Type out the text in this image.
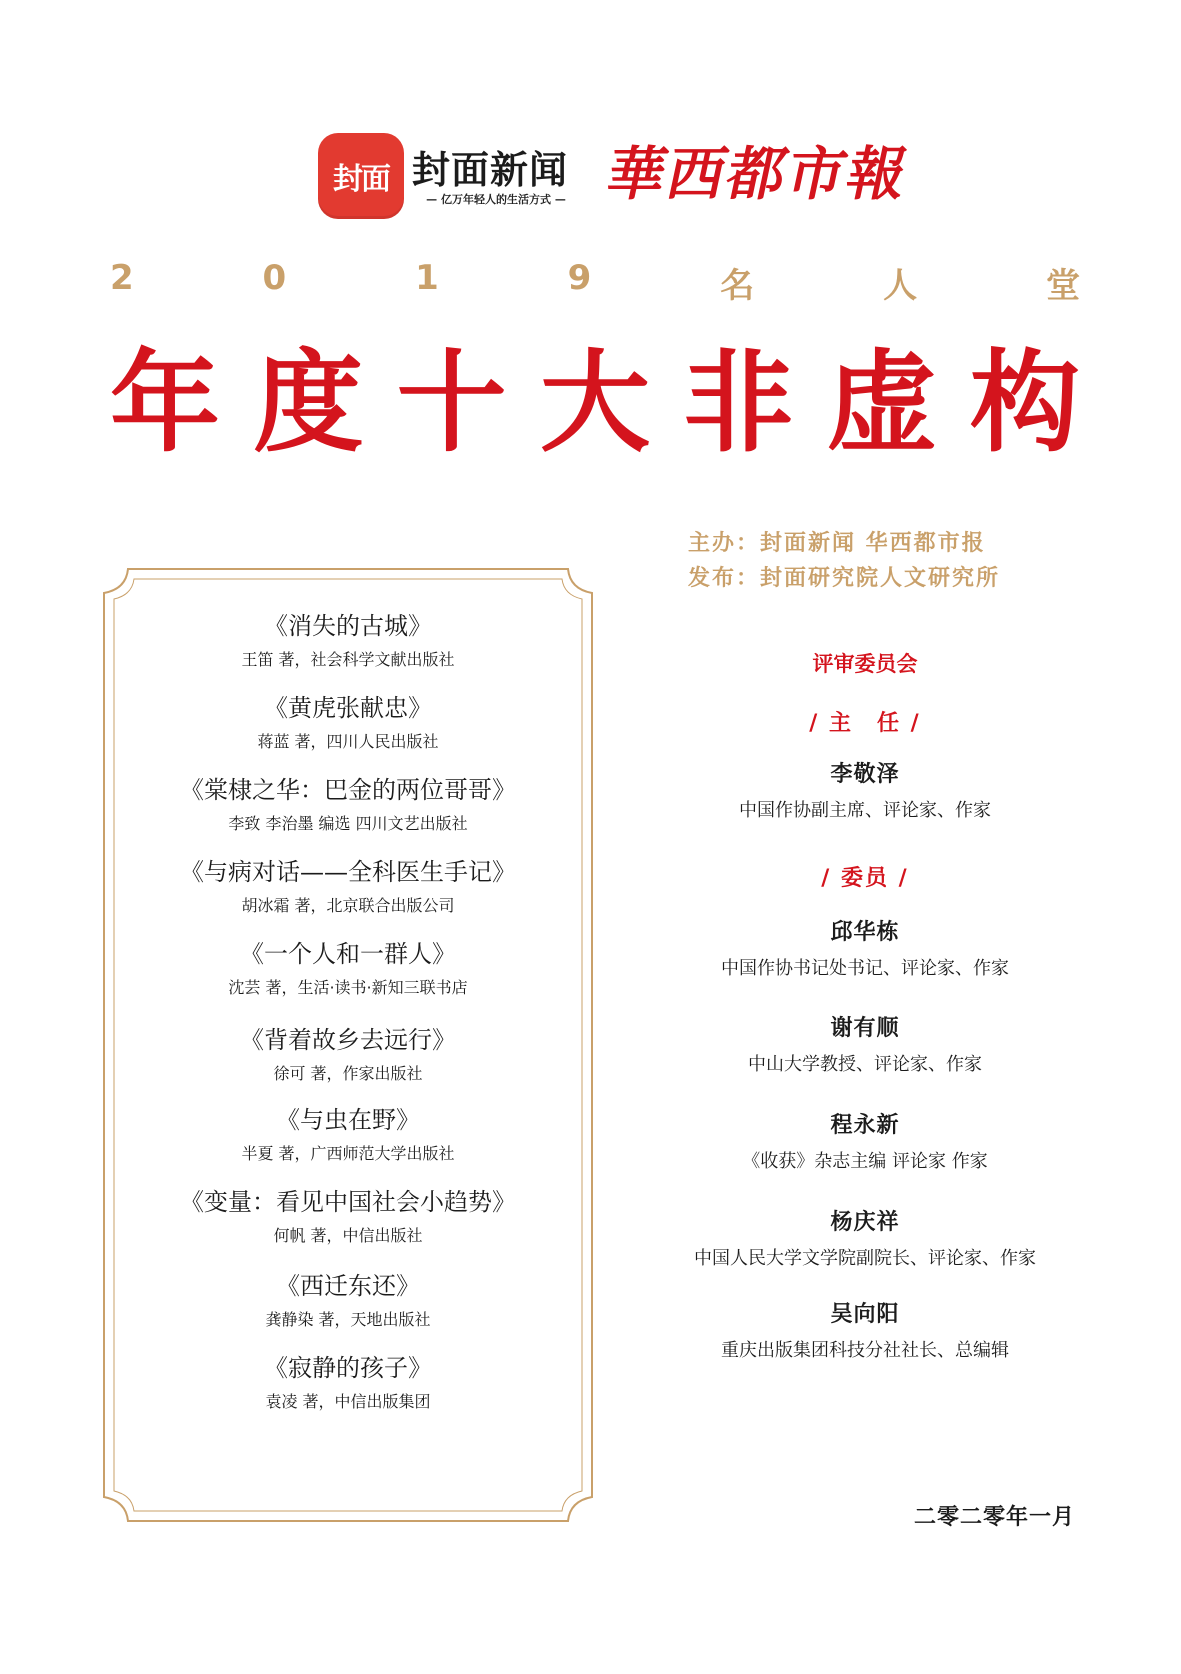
封面 封面新闻
— 亿万年轻人的生活方式 — 華西都市報
2	0	1	9	名	人	堂
年 度 十 大 非 虚 构
《消失的古城》
王笛 著，社会科学文献出版社
《黄虎张献忠》
蒋蓝 著，四川人民出版社
《棠棣之华：巴金的两位哥哥》
李致 李治墨 编选 四川文艺出版社
《与病对话——全科医生手记》
胡冰霜 著，北京联合出版公司
《一个人和一群人》
沈芸 著，生活·读书·新知三联书店
《背着故乡去远行》
徐可 著，作家出版社
《与虫在野》
半夏 著，广西师范大学出版社
《变量：看见中国社会小趋势》
何帆 著，中信出版社
《西迁东还》
龚静染 著，天地出版社
《寂静的孩子》
袁凌 著，中信出版集团
主办：封面新闻 华西都市报
发布：封面研究院人文研究所
评审委员会
/ 主　任 /
李敬泽
中国作协副主席、评论家、作家
/ 委员 /
邱华栋
中国作协书记处书记、评论家、作家
谢有顺
中山大学教授、评论家、作家
程永新
《收获》杂志主编 评论家 作家
杨庆祥
中国人民大学文学院副院长、评论家、作家
吴向阳
重庆出版集团科技分社社长、总编辑
二零二零年一月
